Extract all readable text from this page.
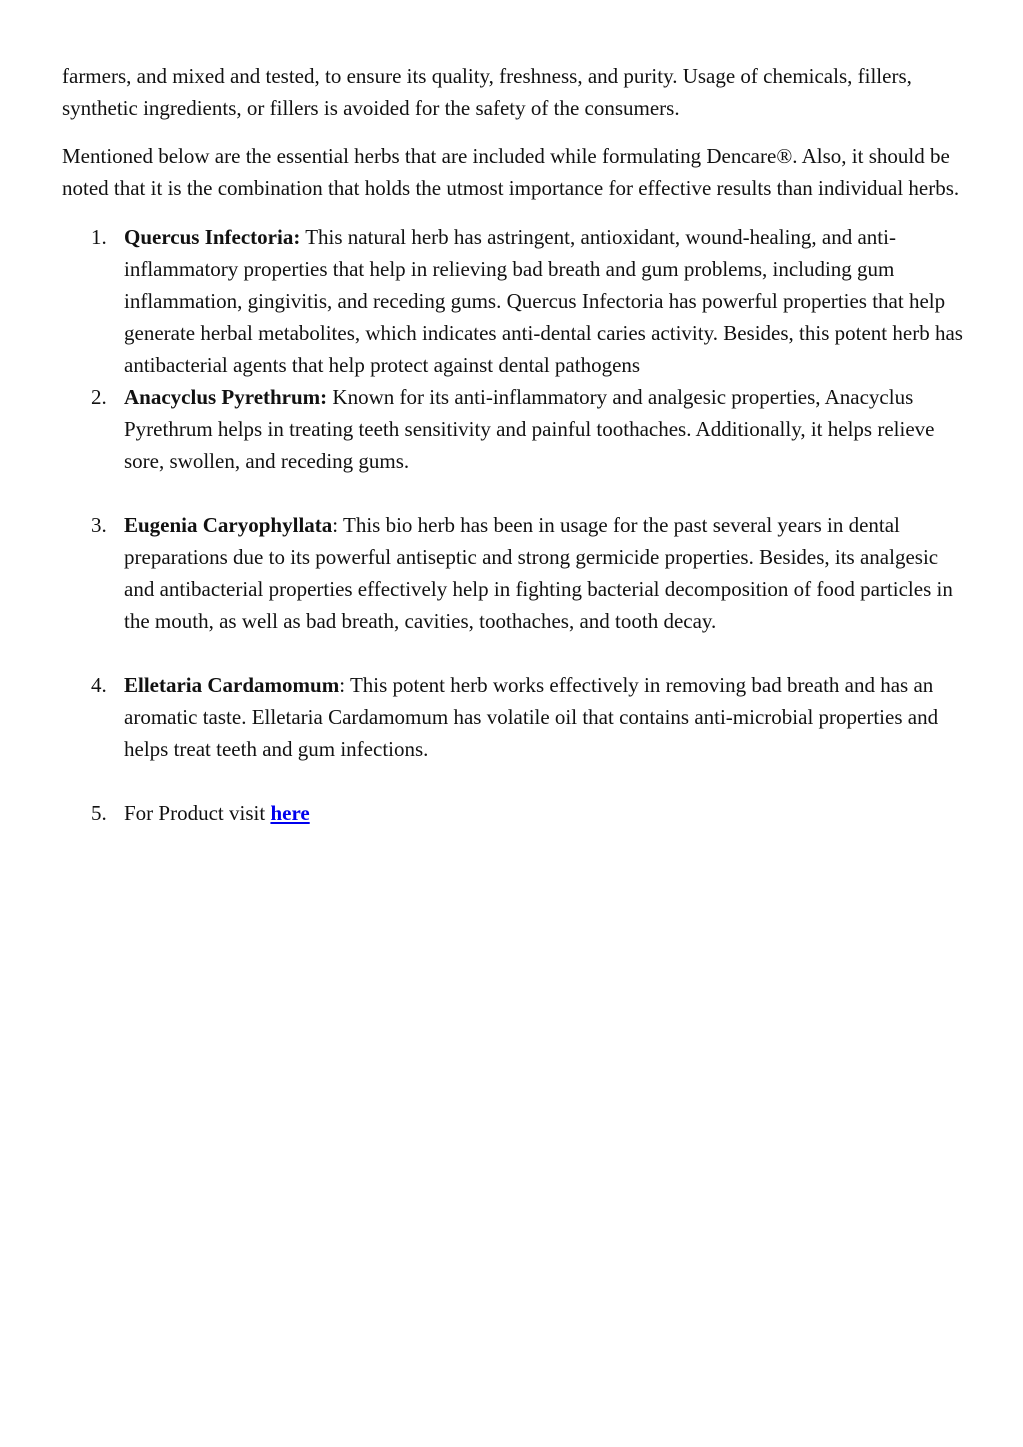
farmers, and mixed and tested, to ensure its quality, freshness, and purity. Usage of chemicals, fillers, synthetic ingredients, or fillers is avoided for the safety of the consumers.

Mentioned below are the essential herbs that are included while formulating Dencare®. Also, it should be noted that it is the combination that holds the utmost importance for effective results than individual herbs.

1. Quercus Infectoria: This natural herb has astringent, antioxidant, wound-healing, and anti-inflammatory properties that help in relieving bad breath and gum problems, including gum inflammation, gingivitis, and receding gums. Quercus Infectoria has powerful properties that help generate herbal metabolites, which indicates anti-dental caries activity. Besides, this potent herb has antibacterial agents that help protect against dental pathogens
2. Anacyclus Pyrethrum: Known for its anti-inflammatory and analgesic properties, Anacyclus Pyrethrum helps in treating teeth sensitivity and painful toothaches. Additionally, it helps relieve sore, swollen, and receding gums.
3. Eugenia Caryophyllata: This bio herb has been in usage for the past several years in dental preparations due to its powerful antiseptic and strong germicide properties. Besides, its analgesic and antibacterial properties effectively help in fighting bacterial decomposition of food particles in the mouth, as well as bad breath, cavities, toothaches, and tooth decay.
4. Elletaria Cardamomum: This potent herb works effectively in removing bad breath and has an aromatic taste. Elletaria Cardamomum has volatile oil that contains anti-microbial properties and helps treat teeth and gum infections.
5. For Product visit here
